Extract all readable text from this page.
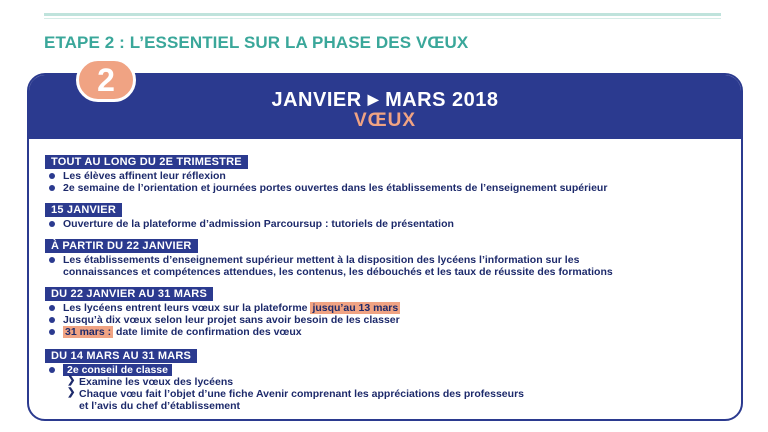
ETAPE 2 : L’ESSENTIEL SUR LA PHASE DES VŒUX
JANVIER ▶ MARS 2018
VŒUX
TOUT AU LONG DU 2E TRIMESTRE
Les élèves affinent leur réflexion
2e semaine de l’orientation et journées portes ouvertes dans les établissements de l’enseignement supérieur
15 JANVIER
Ouverture de la plateforme d’admission Parcoursup : tutoriels de présentation
À PARTIR DU 22 JANVIER
Les établissements d’enseignement supérieur mettent à la disposition des lycéens l’information sur les
connaissances et compétences attendues, les contenus, les débouchés et les taux de réussite des formations
DU 22 JANVIER AU 31 MARS
Les lycéens entrent leurs vœux sur la plateforme jusqu’au 13 mars
Jusqu’à dix vœux selon leur projet sans avoir besoin de les classer
31 mars : date limite de confirmation des vœux
DU 14 MARS AU 31 MARS
2e conseil de classe
❯ Examine les vœux des lycéens
❯ Chaque vœu fait l’objet d’une fiche Avenir comprenant les appréciations des professeurs
et l’avis du chef d’établissement
2
